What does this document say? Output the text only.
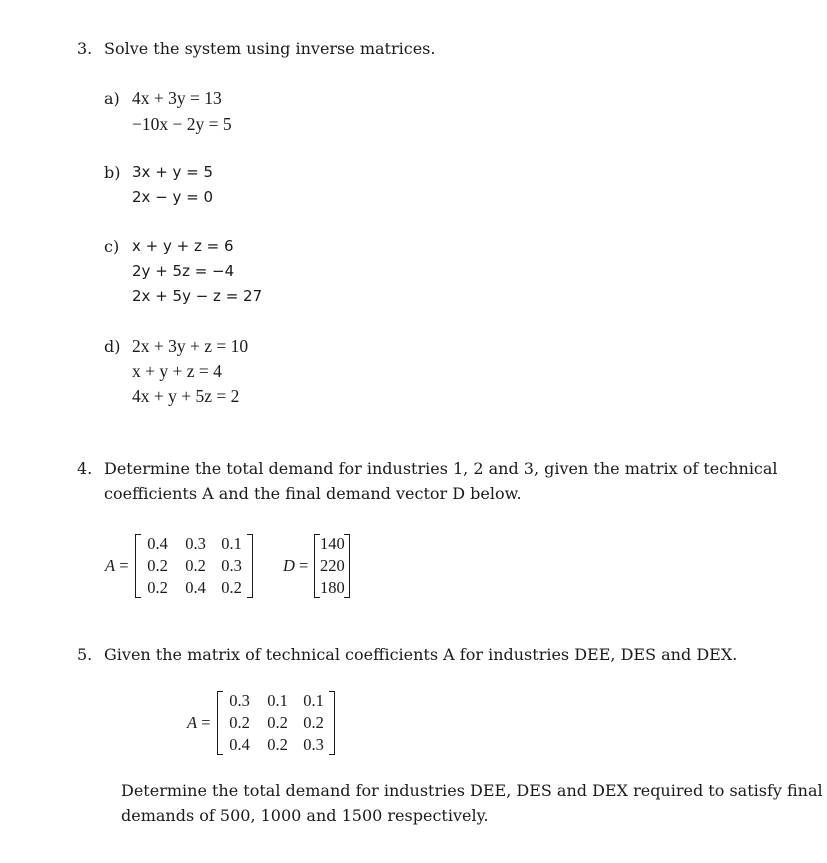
3. Solve the system using inverse matrices.
a) 4x + 3y = 13
−10x − 2y = 5
b) 3x + y = 5
2x − y = 0
c) x + y + z = 6
2y + 5z = −4
2x + 5y − z = 27
d) 2x + 3y + z = 10
x + y + z = 4
4x + y + 5z = 2
4. Determine the total demand for industries 1, 2 and 3, given the matrix of technical
coefficients A and the final demand vector D below.
A =
0.4	0.3 0.1
0.2	0.2 0.3
0.2	0.4 0.2
D =
140
220
180
5. Given the matrix of technical coefficients A for industries DEE, DES and DEX.
A =
0.3	0.1 0.1
0.2	0.2 0.2
0.4	0.2 0.3
Determine the total demand for industries DEE, DES and DEX required to satisfy final
demands of 500, 1000 and 1500 respectively.
